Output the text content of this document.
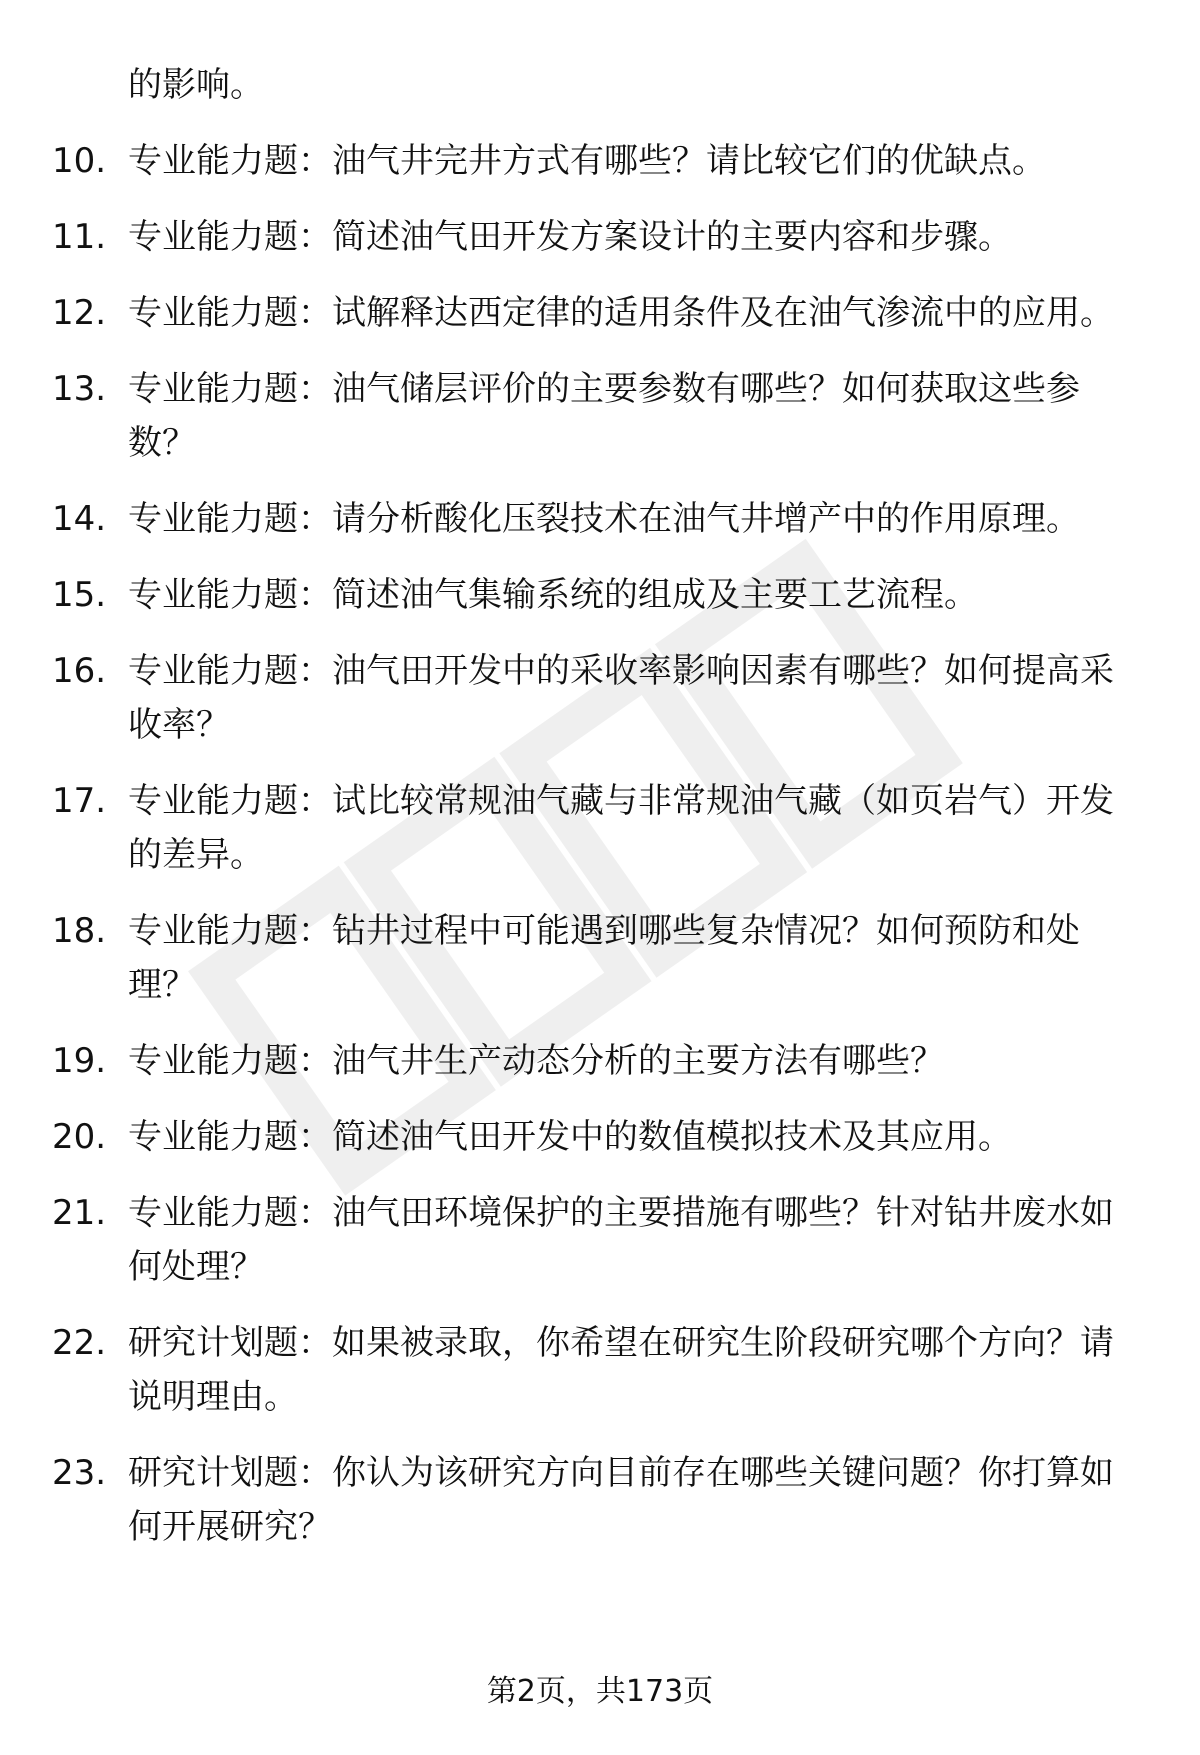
的影响。

10. 专业能力题：油气井完井方式有哪些？请比较它们的优缺点。
11. 专业能力题：简述油气田开发方案设计的主要内容和步骤。
12. 专业能力题：试解释达西定律的适用条件及在油气渗流中的应用。
13. 专业能力题：油气储层评价的主要参数有哪些？如何获取这些参数？
14. 专业能力题：请分析酸化压裂技术在油气井增产中的作用原理。
15. 专业能力题：简述油气集输系统的组成及主要工艺流程。
16. 专业能力题：油气田开发中的采收率影响因素有哪些？如何提高采收率？
17. 专业能力题：试比较常规油气藏与非常规油气藏（如页岩气）开发的差异。
18. 专业能力题：钻井过程中可能遇到哪些复杂情况？如何预防和处理？
19. 专业能力题：油气井生产动态分析的主要方法有哪些？
20. 专业能力题：简述油气田开发中的数值模拟技术及其应用。
21. 专业能力题：油气田环境保护的主要措施有哪些？针对钻井废水如何处理？
22. 研究计划题：如果被录取，你希望在研究生阶段研究哪个方向？请说明理由。
23. 研究计划题：你认为该研究方向目前存在哪些关键问题？你打算如何开展研究？
第2页，共173页
